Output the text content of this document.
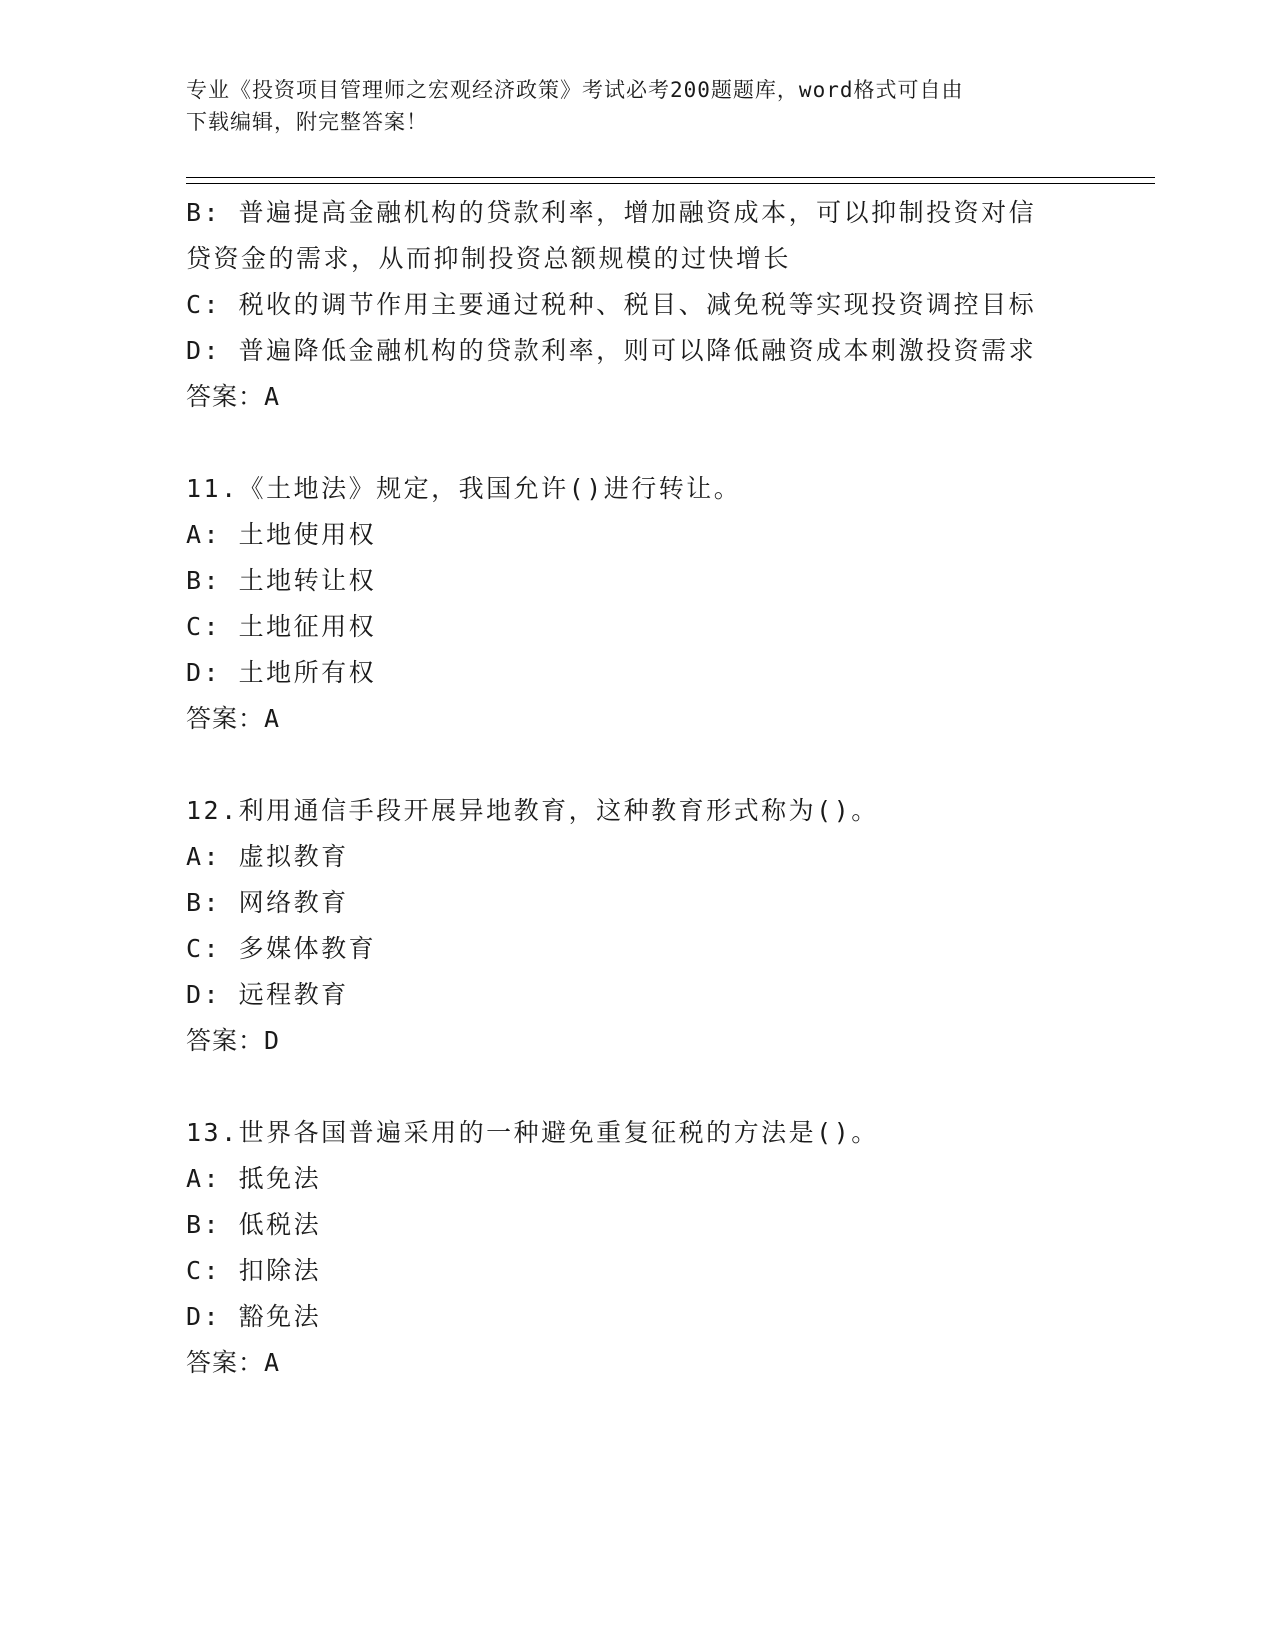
专业《投资项目管理师之宏观经济政策》考试必考200题题库，word格式可自由
下载编辑，附完整答案！
B: 普遍提高金融机构的贷款利率，增加融资成本，可以抑制投资对信
贷资金的需求，从而抑制投资总额规模的过快增长
C: 税收的调节作用主要通过税种、税目、减免税等实现投资调控目标
D: 普遍降低金融机构的贷款利率，则可以降低融资成本刺激投资需求
答案：A
11.《土地法》规定，我国允许()进行转让。
A: 土地使用权
B: 土地转让权
C: 土地征用权
D: 土地所有权
答案：A
12.利用通信手段开展异地教育，这种教育形式称为()。
A: 虚拟教育
B: 网络教育
C: 多媒体教育
D: 远程教育
答案：D
13.世界各国普遍采用的一种避免重复征税的方法是()。
A: 抵免法
B: 低税法
C: 扣除法
D: 豁免法
答案：A
